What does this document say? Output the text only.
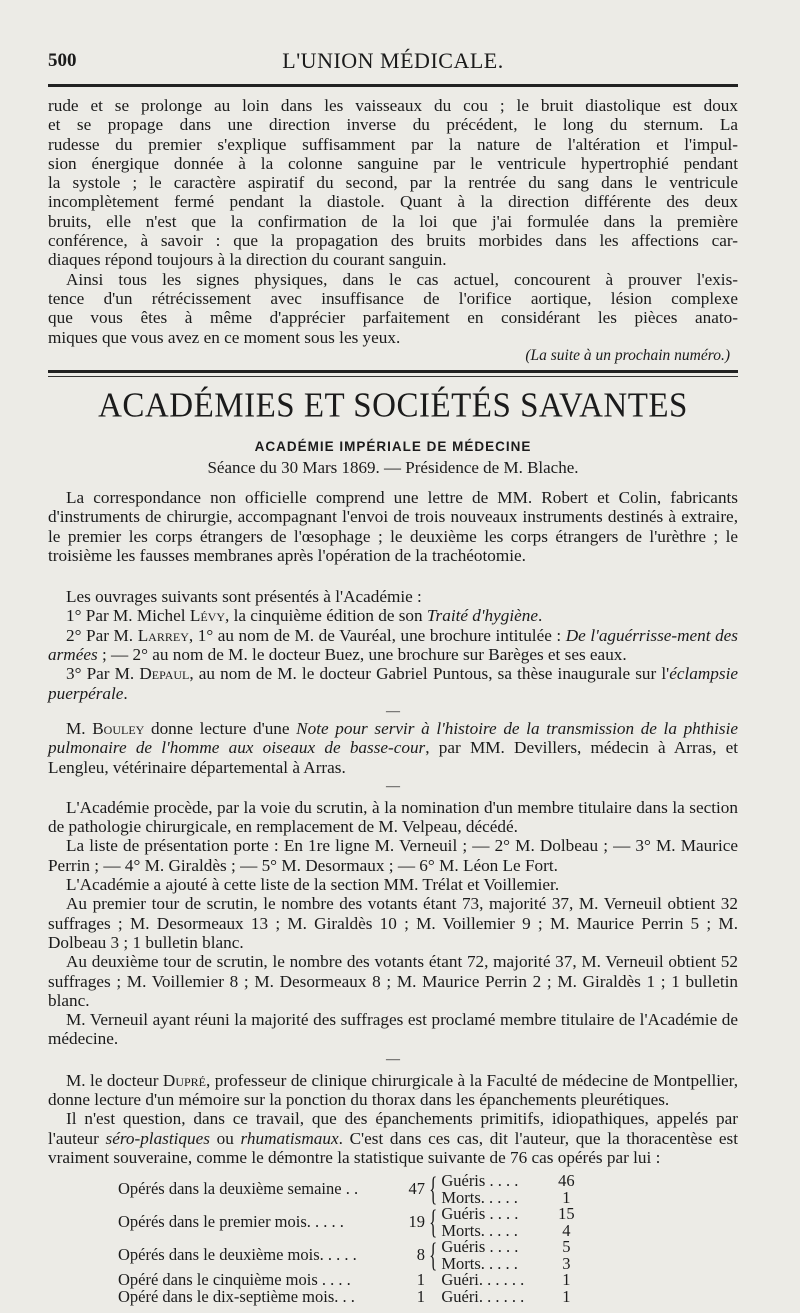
500	L'UNION MÉDICALE.

rude et se prolonge au loin dans les vaisseaux du cou ; le bruit diastolique est doux

et se propage dans une direction inverse du précédent, le long du sternum. La

rudesse du premier s'explique suffisamment par la nature de l'altération et l'impul-

sion énergique donnée à la colonne sanguine par le ventricule hypertrophié pendant

la systole ; le caractère aspiratif du second, par la rentrée du sang dans le ventricule

incomplètement fermé pendant la diastole. Quant à la direction différente des deux

bruits, elle n'est que la confirmation de la loi que j'ai formulée dans la première

conférence, à savoir : que la propagation des bruits morbides dans les affections car-

diaques répond toujours à la direction du courant sanguin.

Ainsi tous les signes physiques, dans le cas actuel, concourent à prouver l'exis-

tence d'un rétrécissement avec insuffisance de l'orifice aortique, lésion complexe

que vous êtes à même d'apprécier parfaitement en considérant les pièces anato-

miques que vous avez en ce moment sous les yeux.

(La suite à un prochain numéro.)

ACADÉMIES ET SOCIÉTÉS SAVANTES
ACADÉMIE IMPÉRIALE DE MÉDECINE
Séance du 30 Mars 1869. — Présidence de M. Blache.

La correspondance non officielle comprend une lettre de MM. Robert et Colin, fabricants d'instruments de chirurgie, accompagnant l'envoi de trois nouveaux instruments destinés à extraire, le premier les corps étrangers de l'œsophage ; le deuxième les corps étrangers de l'urèthre ; le troisième les fausses membranes après l'opération de la trachéotomie.

Les ouvrages suivants sont présentés à l'Académie :

1° Par M. Michel Lévy, la cinquième édition de son Traité d'hygiène.

2° Par M. Larrey, 1° au nom de M. de Vauréal, une brochure intitulée : De l'aguérrisse-ment des armées ; — 2° au nom de M. le docteur Buez, une brochure sur Barèges et ses eaux.

3° Par M. Depaul, au nom de M. le docteur Gabriel Puntous, sa thèse inaugurale sur l'éclampsie puerpérale.

—

M. Bouley donne lecture d'une Note pour servir à l'histoire de la transmission de la phthisie pulmonaire de l'homme aux oiseaux de basse-cour, par MM. Devillers, médecin à Arras, et Lengleu, vétérinaire départemental à Arras.

—

L'Académie procède, par la voie du scrutin, à la nomination d'un membre titulaire dans la section de pathologie chirurgicale, en remplacement de M. Velpeau, décédé.

La liste de présentation porte : En 1re ligne M. Verneuil ; — 2° M. Dolbeau ; — 3° M. Maurice Perrin ; — 4° M. Giraldès ; — 5° M. Desormaux ; — 6° M. Léon Le Fort.

L'Académie a ajouté à cette liste de la section MM. Trélat et Voillemier.

Au premier tour de scrutin, le nombre des votants étant 73, majorité 37, M. Verneuil obtient 32 suffrages ; M. Desormeaux 13 ; M. Giraldès 10 ; M. Voillemier 9 ; M. Maurice Perrin 5 ; M. Dolbeau 3 ; 1 bulletin blanc.

Au deuxième tour de scrutin, le nombre des votants étant 72, majorité 37, M. Verneuil obtient 52 suffrages ; M. Voillemier 8 ; M. Desormeaux 8 ; M. Maurice Perrin 2 ; M. Giraldès 1 ; 1 bulletin blanc.

M. Verneuil ayant réuni la majorité des suffrages est proclamé membre titulaire de l'Académie de médecine.

—

M. le docteur Dupré, professeur de clinique chirurgicale à la Faculté de médecine de Montpellier, donne lecture d'un mémoire sur la ponction du thorax dans les épanchements pleurétiques.

Il n'est question, dans ce travail, que des épanchements primitifs, idiopathiques, appelés par l'auteur séro-plastiques ou rhumatismaux. C'est dans ces cas, dit l'auteur, que la thoracentèse est vraiment souveraine, comme le démontre la statistique suivante de 76 cas opérés par lui :

Opérés dans la deuxième semaine . .	47	{	Guéris . . . .	46
			Morts. . . . .	1
Opérés dans le premier mois. . . . .	19	{	Guéris . . . .	15
			Morts. . . . .	4
Opérés dans le deuxième mois. . . . .	8	{	Guéris . . . .	5
			Morts. . . . .	3
Opéré dans le cinquième mois . . . .	1		Guéri. . . . . .	1
Opéré dans le dix-septième mois. . .	1		Guéri. . . . . .	1
